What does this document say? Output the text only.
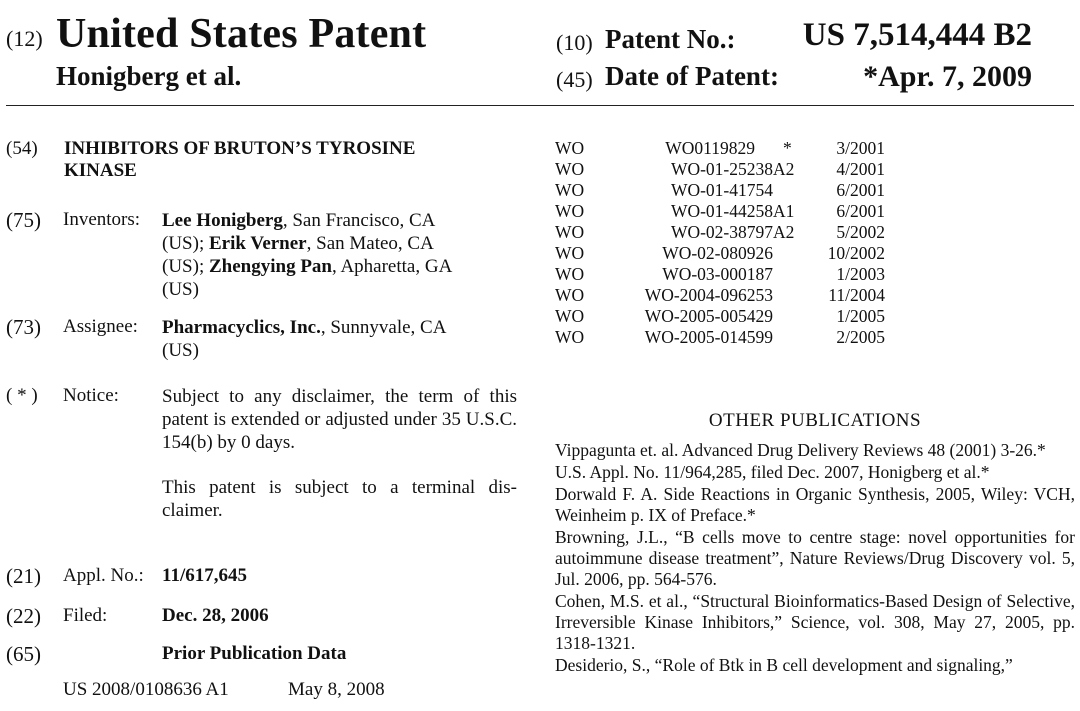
(12) United States Patent
Honigberg et al.
(10) Patent No.: US 7,514,444 B2
(45) Date of Patent:	*Apr. 7, 2009
(54) INHIBITORS OF BRUTON’S TYROSINE KINASE
(75) Inventors: Lee Honigberg, San Francisco, CA
(US); Erik Verner, San Mateo, CA
(US); Zhengying Pan, Apharetta, GA
(US)
(73) Assignee: Pharmacyclics, Inc., Sunnyvale, CA
(US)
( * ) Notice: Subject to any disclaimer, the term of this patent is extended or adjusted under 35 U.S.C. 154(b) by 0 days.
This patent is subject to a terminal dis-claimer.
(21) Appl. No.: 11/617,645
(22) Filed:	Dec. 28, 2006
(65)	Prior Publication Data
US 2008/0108636 A1	May 8, 2008
WO	WO0119829 *	3/2001
WO	WO-01-25238 A2 4/2001
WO	WO-01-41754	6/2001
WO	WO-01-44258 A1 6/2001
WO	WO-02-38797 A2 5/2002
WO	WO-02-080926	10/2002
WO	WO-03-000187	1/2003
WO	WO-2004-096253	11/2004
WO	WO-2005-005429	1/2005
WO	WO-2005-014599	2/2005
OTHER PUBLICATIONS
Vippagunta et. al. Advanced Drug Delivery Reviews 48 (2001) 3-26.*
U.S. Appl. No. 11/964,285, filed Dec. 2007, Honigberg et al.*
Dorwald F. A. Side Reactions in Organic Synthesis, 2005, Wiley: VCH, Weinheim p. IX of Preface.*
Browning, J.L., “B cells move to centre stage: novel opportunities for autoimmune disease treatment”, Nature Reviews/Drug Discovery vol. 5, Jul. 2006, pp. 564-576.
Cohen, M.S. et al., “Structural Bioinformatics-Based Design of Selective, Irreversible Kinase Inhibitors,” Science, vol. 308, May 27, 2005, pp. 1318-1321.
Desiderio, S., “Role of Btk in B cell development and signaling,”
